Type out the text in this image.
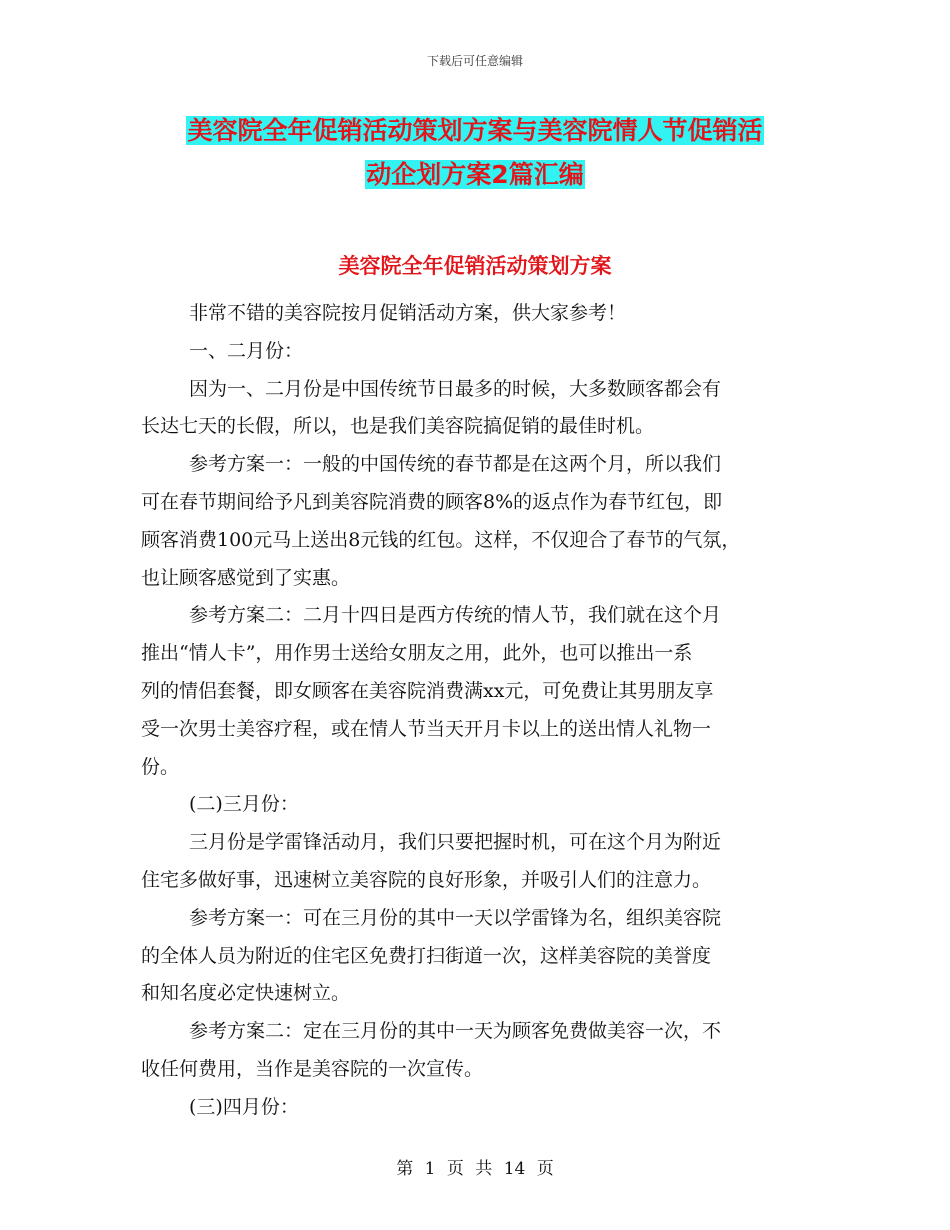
下载后可任意编辑
美容院全年促销活动策划方案与美容院情人节促销活
动企划方案2篇汇编
美容院全年促销活动策划方案
非常不错的美容院按月促销活动方案，供大家参考！
一、二月份：
因为一、二月份是中国传统节日最多的时候，大多数顾客都会有
长达七天的长假，所以，也是我们美容院搞促销的最佳时机。
参考方案一：一般的中国传统的春节都是在这两个月，所以我们
可在春节期间给予凡到美容院消费的顾客8%的返点作为春节红包，即
顾客消费100元马上送出8元钱的红包。这样，不仅迎合了春节的气氛，
也让顾客感觉到了实惠。
参考方案二：二月十四日是西方传统的情人节，我们就在这个月
推出“情人卡”，用作男士送给女朋友之用，此外，也可以推出一系
列的情侣套餐，即女顾客在美容院消费满xx元，可免费让其男朋友享
受一次男士美容疗程，或在情人节当天开月卡以上的送出情人礼物一
份。
(二)三月份：
三月份是学雷锋活动月，我们只要把握时机，可在这个月为附近
住宅多做好事，迅速树立美容院的良好形象，并吸引人们的注意力。
参考方案一：可在三月份的其中一天以学雷锋为名，组织美容院
的全体人员为附近的住宅区免费打扫街道一次，这样美容院的美誉度
和知名度必定快速树立。
参考方案二：定在三月份的其中一天为顾客免费做美容一次，不
收任何费用，当作是美容院的一次宣传。
(三)四月份：
第 1 页 共 14 页
